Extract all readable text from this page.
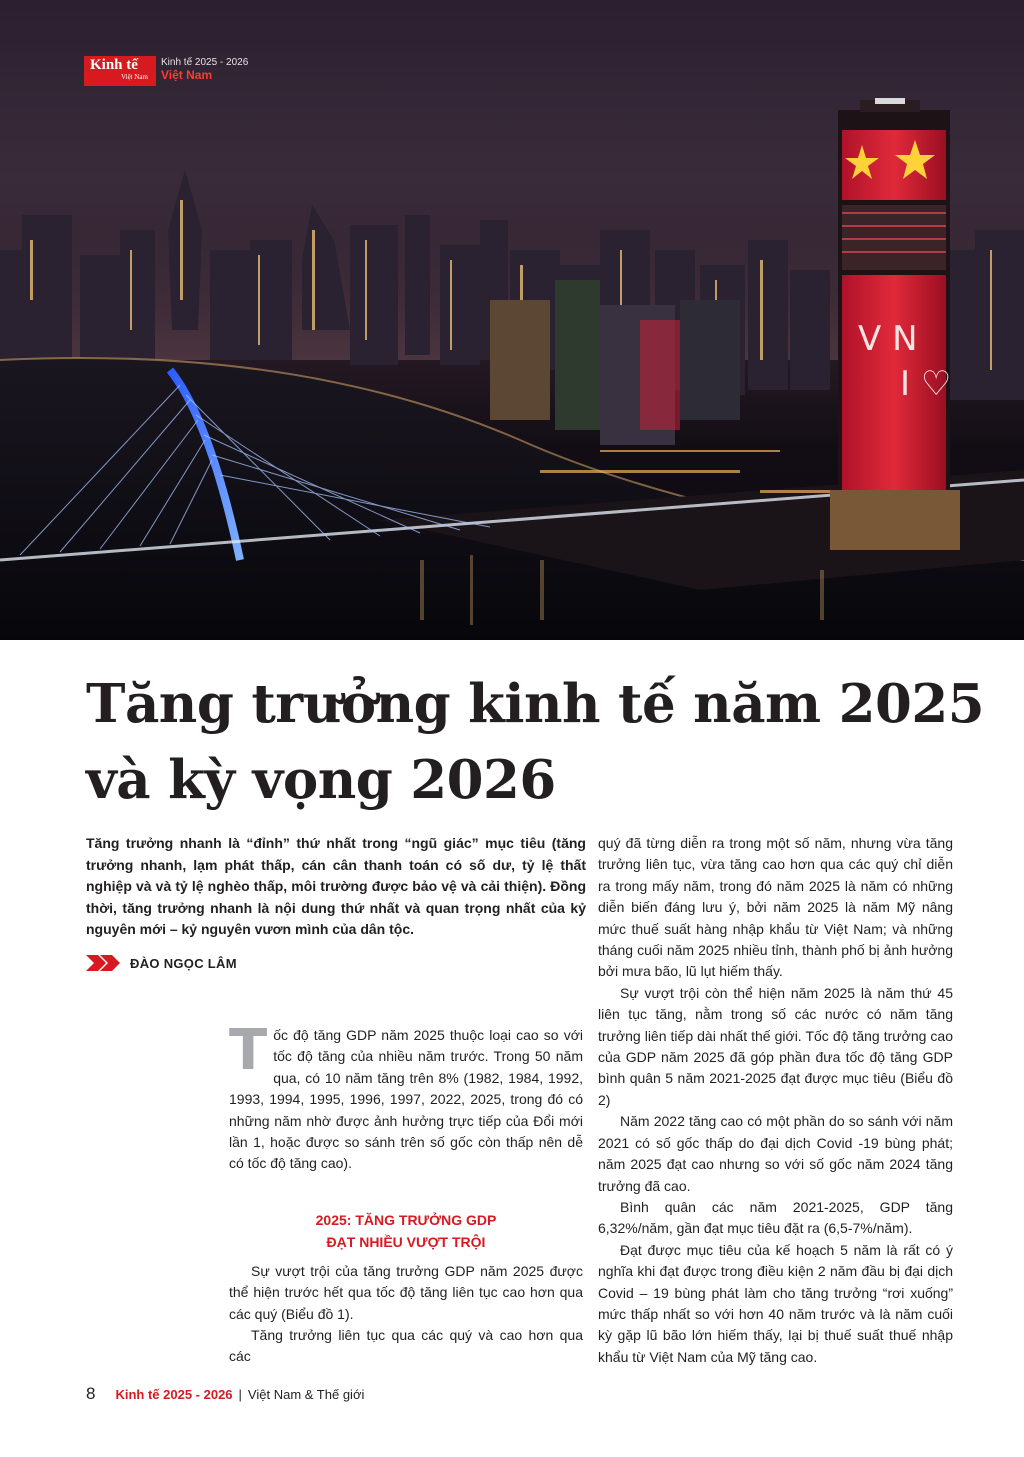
V N
I ♡
Kinh tế
Việt Nam
Kinh tế 2025 - 2026
Việt Nam
Tăng trưởng kinh tế năm 2025
và kỳ vọng 2026
Tăng trưởng nhanh là “đỉnh” thứ nhất trong “ngũ giác” mục tiêu (tăng trưởng nhanh, lạm phát thấp, cán cân thanh toán có số dư, tỷ lệ thất nghiệp và và tỷ lệ nghèo thấp, môi trường được bảo vệ và cải thiện). Đồng thời, tăng trưởng nhanh là nội dung thứ nhất và quan trọng nhất của kỷ nguyên mới – kỷ nguyên vươn mình của dân tộc.
ĐÀO NGỌC LÂM

Tốc độ tăng GDP năm 2025 thuộc loại cao so với tốc độ tăng của nhiều năm trước. Trong 50 năm qua, có 10 năm tăng trên 8% (1982, 1984, 1992, 1993, 1994, 1995, 1996, 1997, 2022, 2025, trong đó có những năm nhờ được ảnh hưởng trực tiếp của Đổi mới lần 1, hoặc được so sánh trên số gốc còn thấp nên dễ có tốc độ tăng cao).

2025: TĂNG TRƯỞNG GDP
ĐẠT NHIỀU VƯỢT TRỘI

Sự vượt trội của tăng trưởng GDP năm 2025 được thể hiện trước hết qua tốc độ tăng liên tục cao hơn qua các quý (Biểu đồ 1).

Tăng trưởng liên tục qua các quý và cao hơn qua các

quý đã từng diễn ra trong một số năm, nhưng vừa tăng trưởng liên tục, vừa tăng cao hơn qua các quý chỉ diễn ra trong mấy năm, trong đó năm 2025 là năm có những diễn biến đáng lưu ý, bởi năm 2025 là năm Mỹ nâng mức thuế suất hàng nhập khẩu từ Việt Nam; và những tháng cuối năm 2025 nhiều tỉnh, thành phố bị ảnh hưởng bởi mưa bão, lũ lụt hiếm thấy.

Sự vượt trội còn thể hiện năm 2025 là năm thứ 45 liên tục tăng, nằm trong số các nước có năm tăng trưởng liên tiếp dài nhất thế giới. Tốc độ tăng trưởng cao của GDP năm 2025 đã góp phần đưa tốc độ tăng GDP bình quân 5 năm 2021-2025 đạt được mục tiêu (Biểu đồ 2)

Năm 2022 tăng cao có một phần do so sánh với năm 2021 có số gốc thấp do đại dịch Covid -19 bùng phát; năm 2025 đạt cao nhưng so với số gốc năm 2024 tăng trưởng đã cao.

Bình quân các năm 2021-2025, GDP tăng 6,32%/năm, gần đạt mục tiêu đặt ra (6,5-7%/năm).

Đạt được mục tiêu của kế hoạch 5 năm là rất có ý nghĩa khi đạt được trong điều kiện 2 năm đầu bị đại dịch Covid – 19 bùng phát làm cho tăng trưởng “rơi xuống” mức thấp nhất so với hơn 40 năm trước và là năm cuối kỳ gặp lũ bão lớn hiếm thấy, lại bị thuế suất thuế nhập khẩu từ Việt Nam của Mỹ tăng cao.

8 Kinh tế 2025 - 2026 | Việt Nam & Thế giới
